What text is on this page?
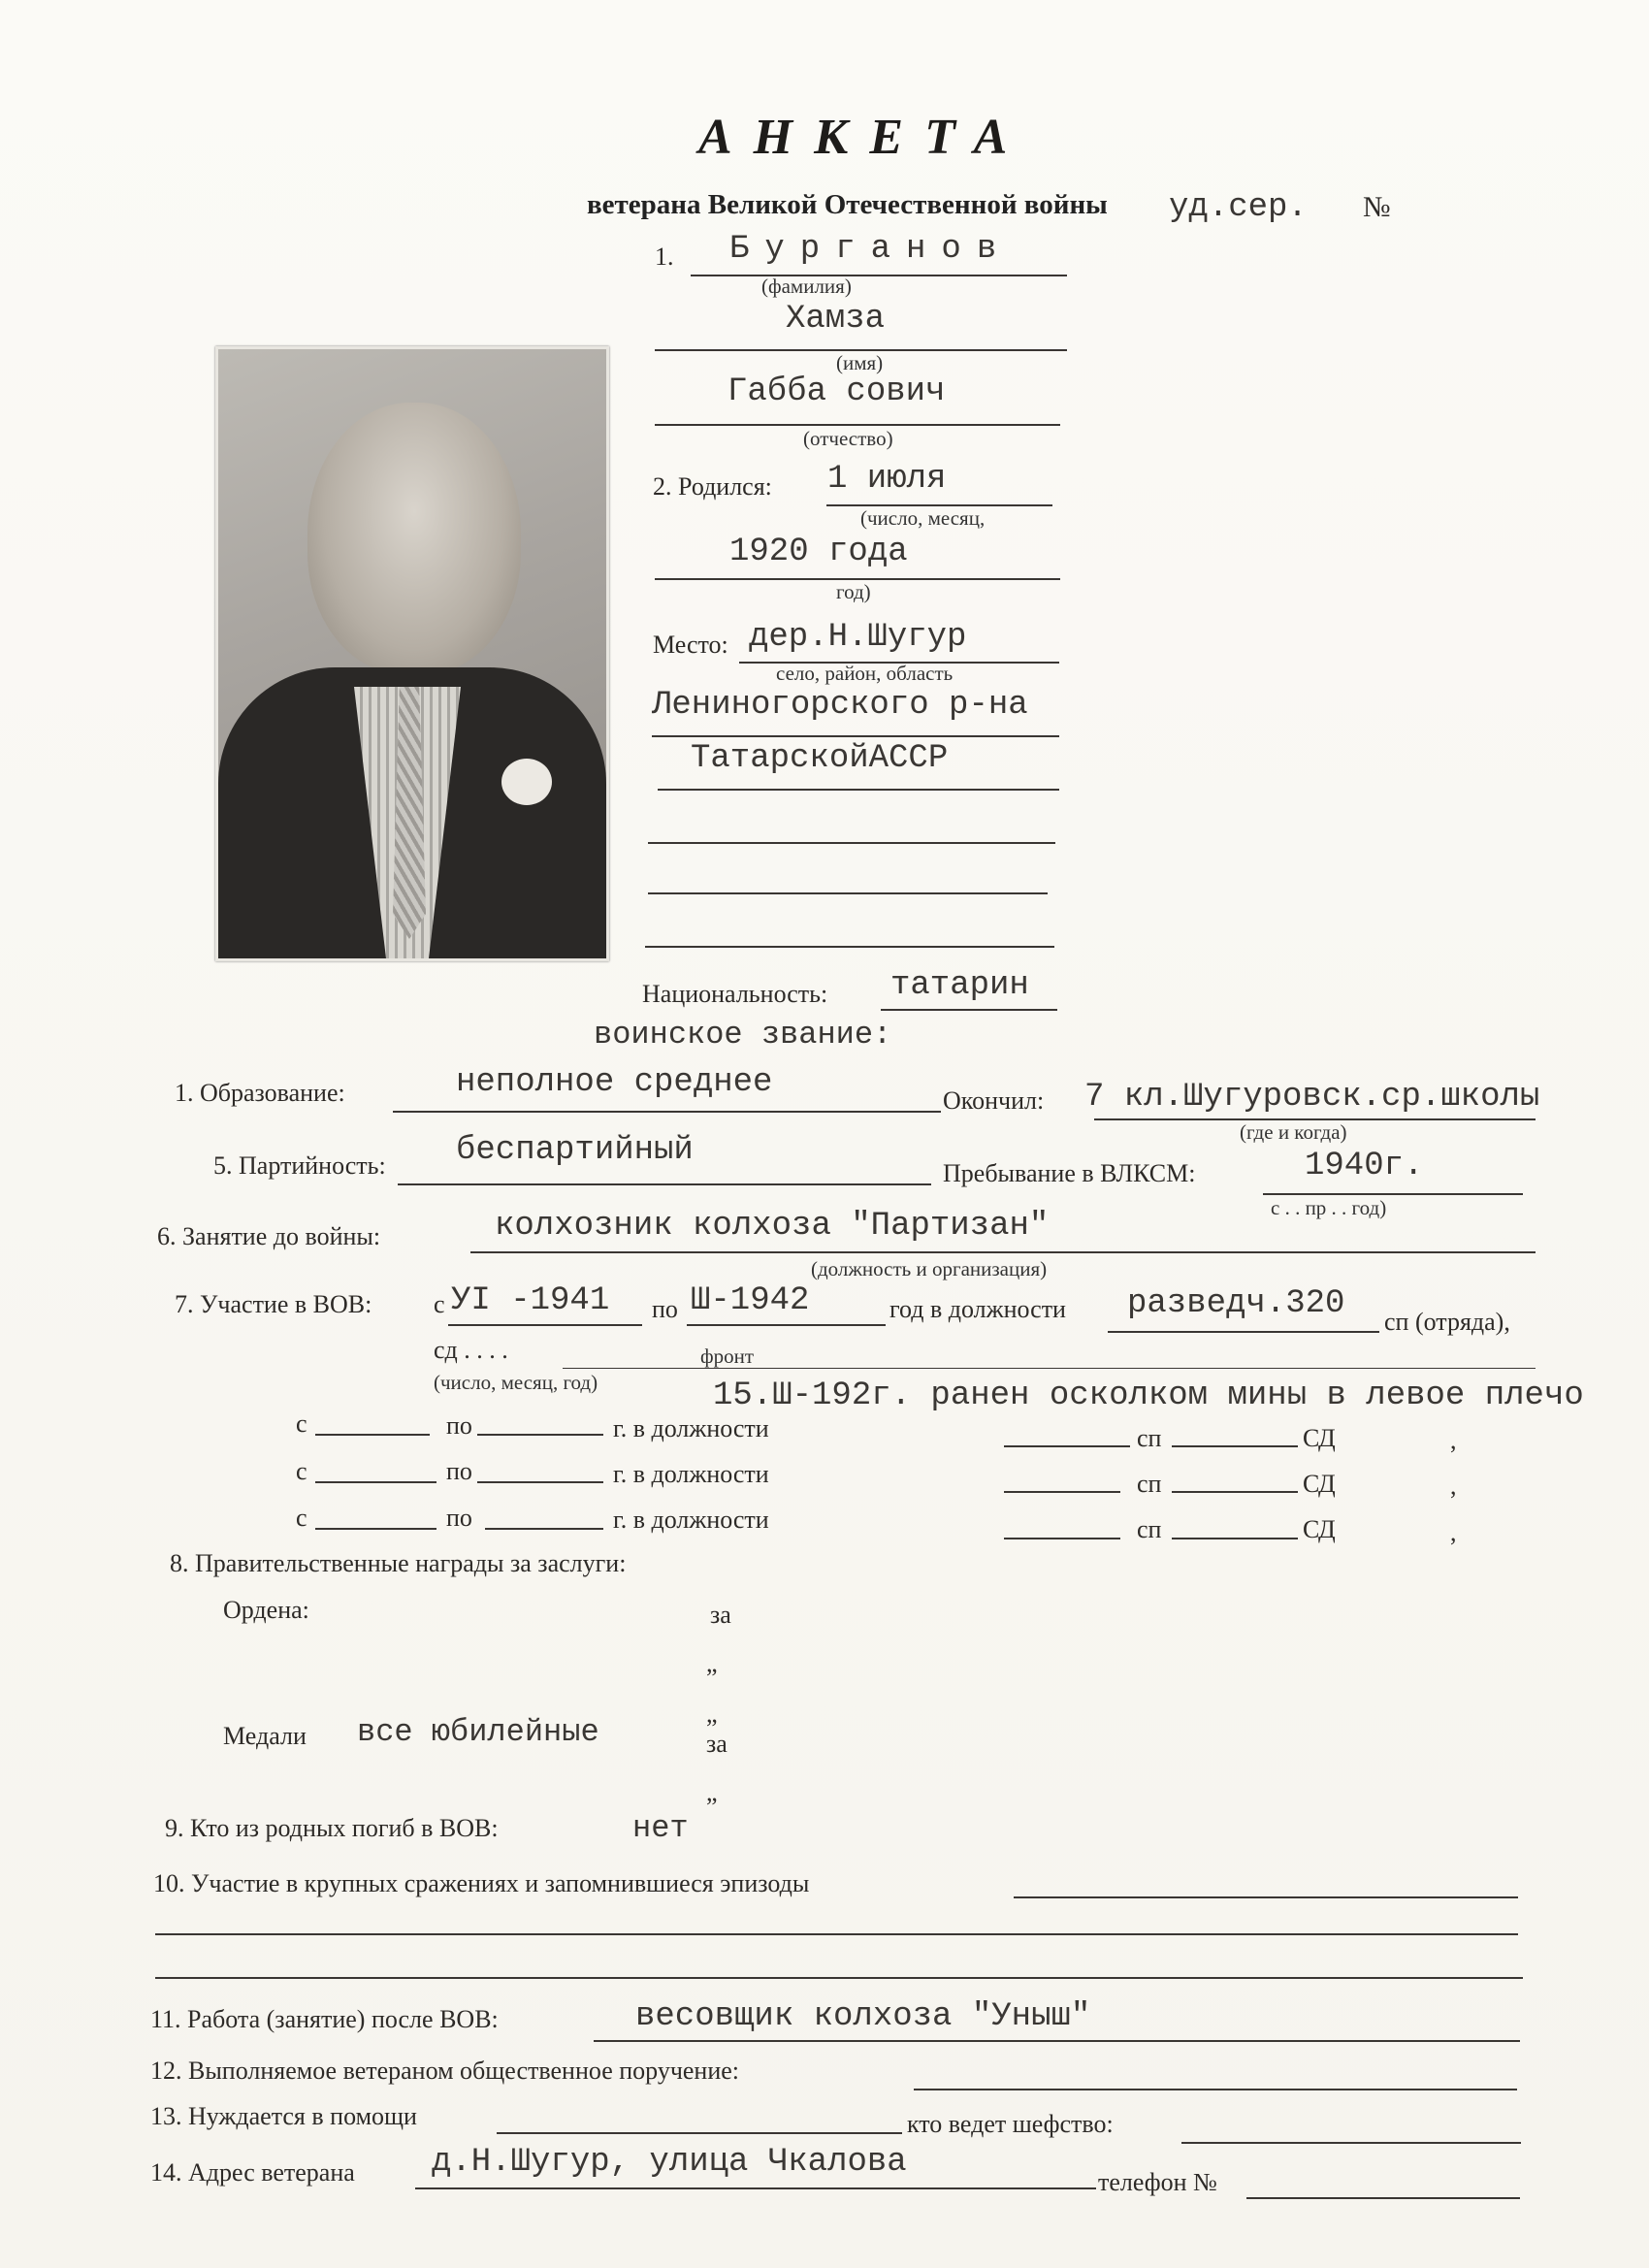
АНКЕТА
ветерана Великой Отечественной войны уд.сер. №
1. Бурганов
(фамилия)
Хамза
(имя)
Габба сович
(отчество)
2. Родился: 1 июля
(число, месяц,
1920 года
год)
Место: дер.Н.Шугур
село, район, область
Лениногорского р-на
ТатарскойАССР
Национальность: татарин
воинское звание:
1. Образование:	неполное среднее	Окончил: 7 кл.Шугуровск.ср.школы
(где и когда)
5. Партийность: беспартийный
Пребывание в ВЛКСМ:	1940г.
с . . пр . . год)
6. Занятие до войны:	колхозник колхоза "Партизан"
(должность и организация)
7. Участие в ВОВ: с УI -1941 по Ш-1942	год в должности разведч.320 сп (отряда),
сд . . . .	фронт
(число, месяц, год)	15.Ш-192г. ранен осколком мины в левое плечо
с	по	г. в должности	сп	СД	,
с	по	г. в должности	сп	СД	,
с	по	г. в должности	сп	СД	,
8. Правительственные награды за заслуги:
Ордена:	за
„
Медали все юбилейные
„
за
„
9. Кто из родных погиб в ВОВ:	нет
10. Участие в крупных сражениях и запомнившиеся эпизоды
11. Работа (занятие) после ВОВ:	весовщик колхоза "Уныш"
12. Выполняемое ветераном общественное поручение:
13. Нуждается в помощи	кто ведет шефство:
14. Адрес ветерана д.Н.Шугур, улица Чкалова
телефон №
